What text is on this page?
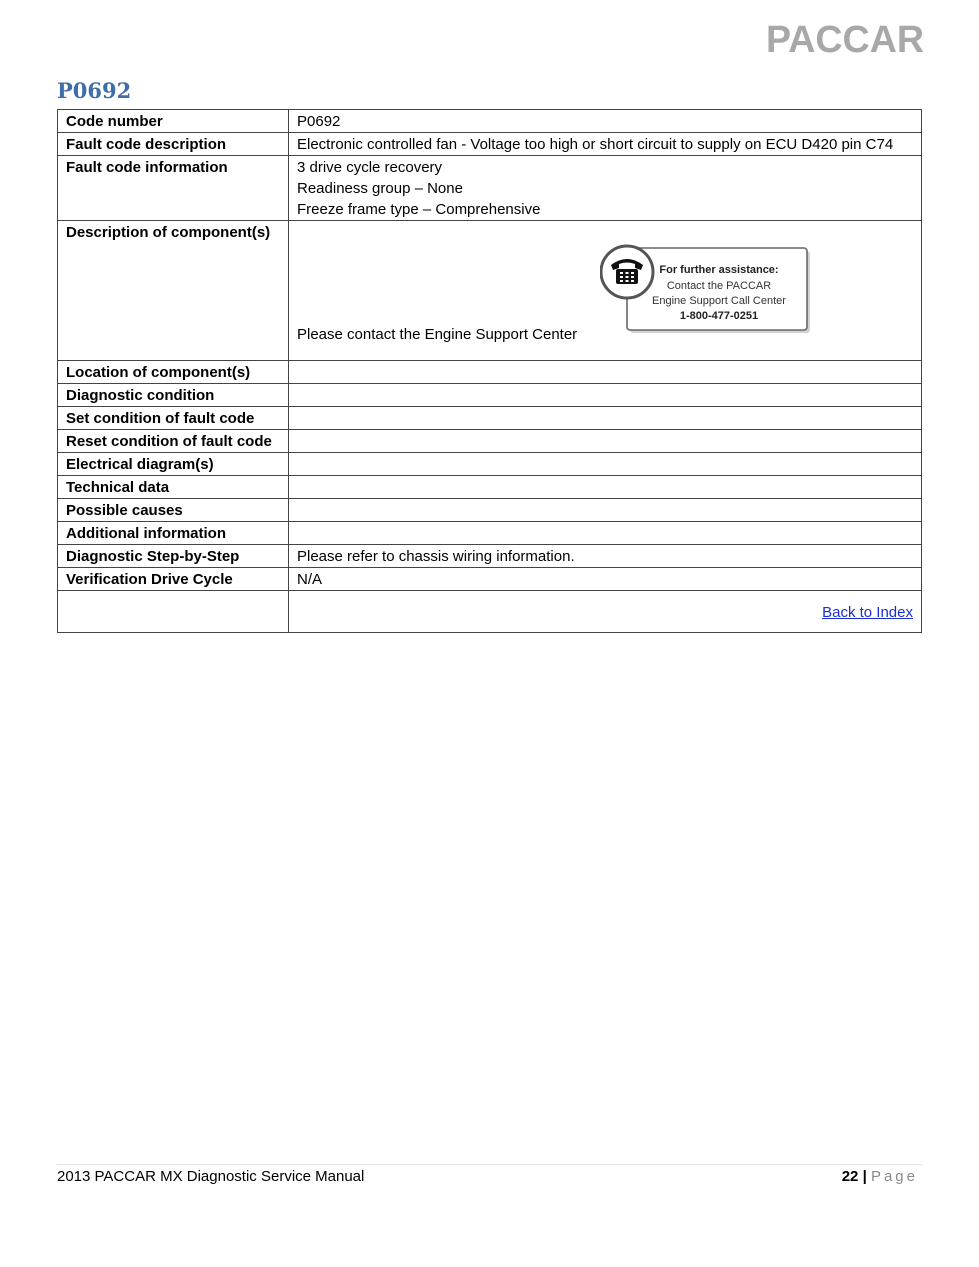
PACCAR
P0692
Code number	P0692
Fault code description	Electronic controlled fan - Voltage too high or short circuit to supply on ECU D420 pin C74
Fault code information	3 drive cycle recovery
Readiness group – None
Freeze frame type – Comprehensive

Description of component(s)	For further assistance:
Contact the PACCAR
Engine Support Call Center
1-800-477-0251
Please contact the Engine Support Center

Location of component(s)	
Diagnostic condition	
Set condition of fault code	
Reset condition of fault code	
Electrical diagram(s)	
Technical data	
Possible causes	
Additional information	
Diagnostic Step-by-Step	Please refer to chassis wiring information.
Verification Drive Cycle	N/A
	Back to Index
2013 PACCAR MX Diagnostic Service Manual	22 | Page
